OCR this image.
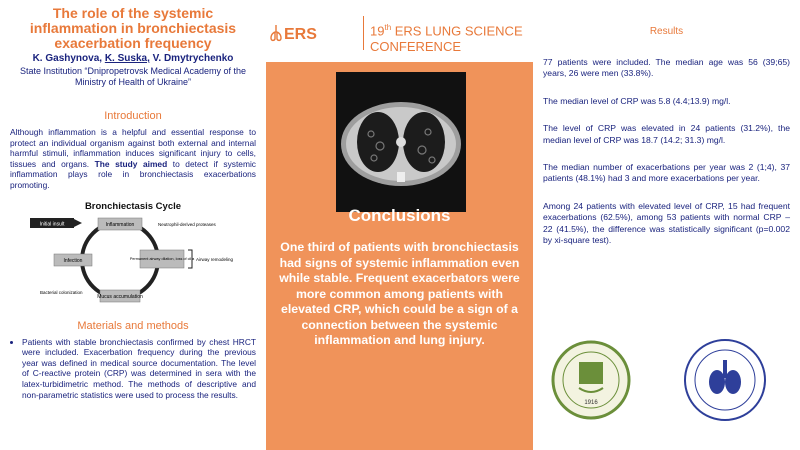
The role of the systemic inflammation in bronchiectasis exacerbation frequency
K. Gashynova, K. Suska, V. Dmytrychenko
State Institution “Dnipropetrovsk Medical Academy of the Ministry of Health of Ukraine”
Introduction
Although inflammation is a helpful and essential response to protect an individual organism against both external and internal harmful stimuli, inflammation induces significant injury to cells, tissues and organs. The study aimed to detect if systemic inflammation plays role in bronchiectasis exacerbations promoting.
Bronchiectasis Cycle
Initial insult	Inflammation	Neutrophil-derived proteases
Infection	Permanent airway dilation, loss of cilia Airway remodeling
Mucus accumulation
Bacterial colonization
Materials and methods
• Patients with stable bronchiectasis confirmed by chest HRCT were included. Exacerbation frequency during the previous year was defined in medical source documentation. The level of C-reactive protein (CRP) was determined in sera with the latex-turbidimetric method. The methods of descriptive and non-parametric statistics were used to process the results.
ERS	19th ERS LUNG SCIENCE
CONFERENCE
Conclusions
One third of patients with bronchiectasis had signs of systemic inflammation even while stable. Frequent exacerbators were more common among patients with elevated CRP, which could be a sign of a connection between the systemic inflammation and lung injury.
Results

77 patients were included. The median age was 56 (39;65) years, 26 were men (33.8%).

The median level of CRP was 5.8 (4.4;13.9) mg/l.

The level of CRP was elevated in 24 patients (31.2%), the median level of CRP was 18.7 (14.2; 31.3) mg/l.

The median number of exacerbations per year was 2 (1;4), 37 patients (48.1%) had 3 and more exacerbations per year.

Among 24 patients with elevated level of CRP, 15 had frequent exacerbations (62.5%), among 53 patients with normal CRP – 22 (41.5%), the difference was statistically significant (p=0.002 by xi-square test).

1916
